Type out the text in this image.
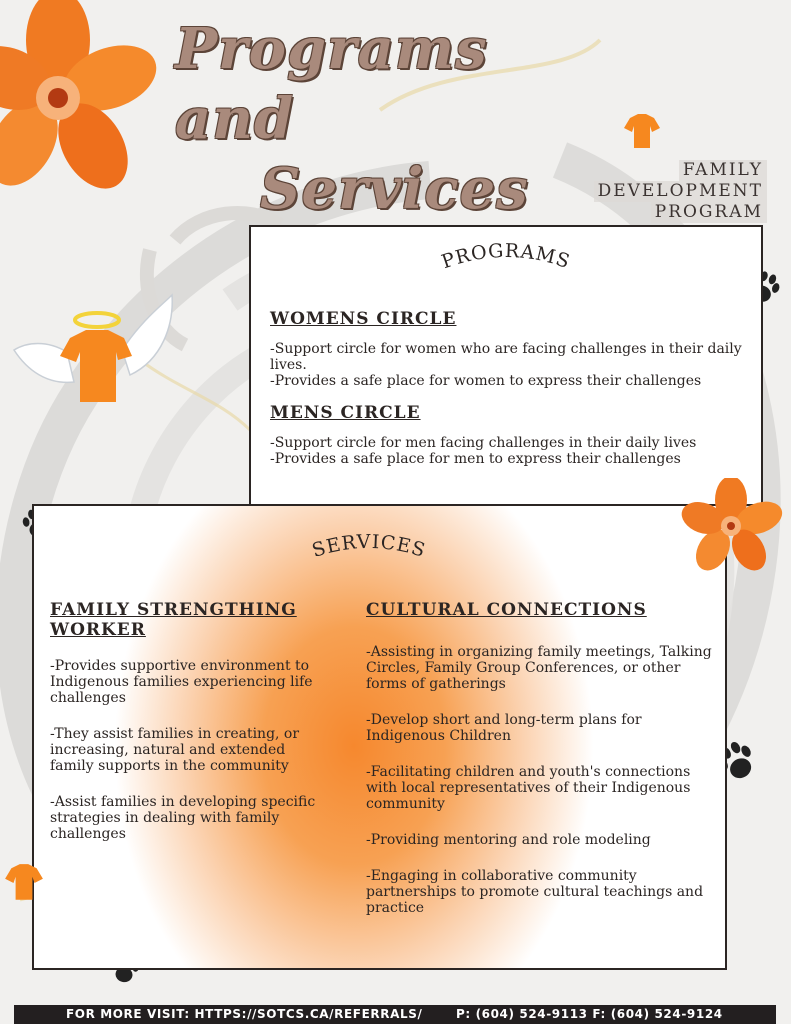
Programs and
Services	FAMILY
DEVELOPMENT
PROGRAM
PROGRAMS

WOMENS CIRCLE

-Support circle for women who are facing challenges in their daily lives.

-Provides a safe place for women to express their challenges

MENS CIRCLE

-Support circle for men facing challenges in their daily lives

-Provides a safe place for men to express their challenges

SERVICES

FAMILY STRENGTHING WORKER

-Provides supportive environment to Indigenous families experiencing life challenges

-They assist families in creating, or increasing, natural and extended family supports in the community

-Assist families in developing specific strategies in dealing with family challenges

CULTURAL CONNECTIONS

-Assisting in organizing family meetings, Talking Circles, Family Group Conferences, or other forms of gatherings

-Develop short and long-term plans for Indigenous Children

-Facilitating children and youth's connections with local representatives of their Indigenous community

-Providing mentoring and role modeling

-Engaging in collaborative community partnerships to promote cultural teachings and practice

FOR MORE VISIT: HTTPS://SOTCS.CA/REFERRALS/	P: (604) 524-9113 F: (604) 524-9124
